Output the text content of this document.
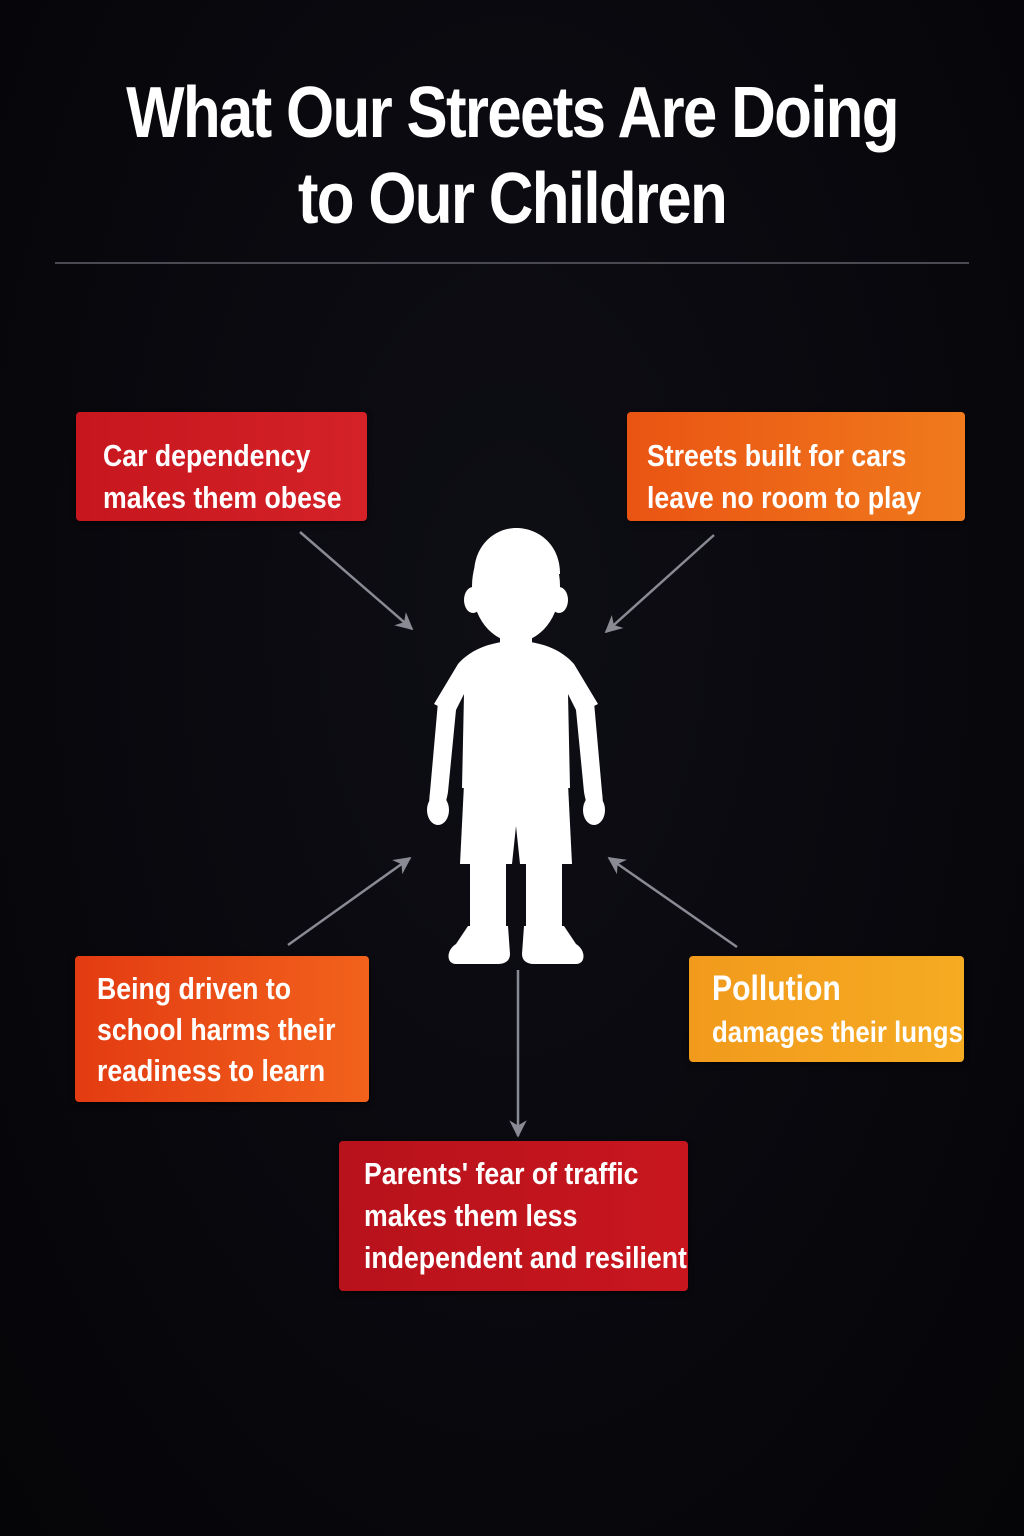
What Our Streets Are Doing
to Our Children
Car dependency
makes them obese
Streets built for cars
leave no room to play
Being driven to
school harms their
readiness to learn
Pollution
damages their lungs
Parents' fear of traffic
makes them less
independent and resilient
